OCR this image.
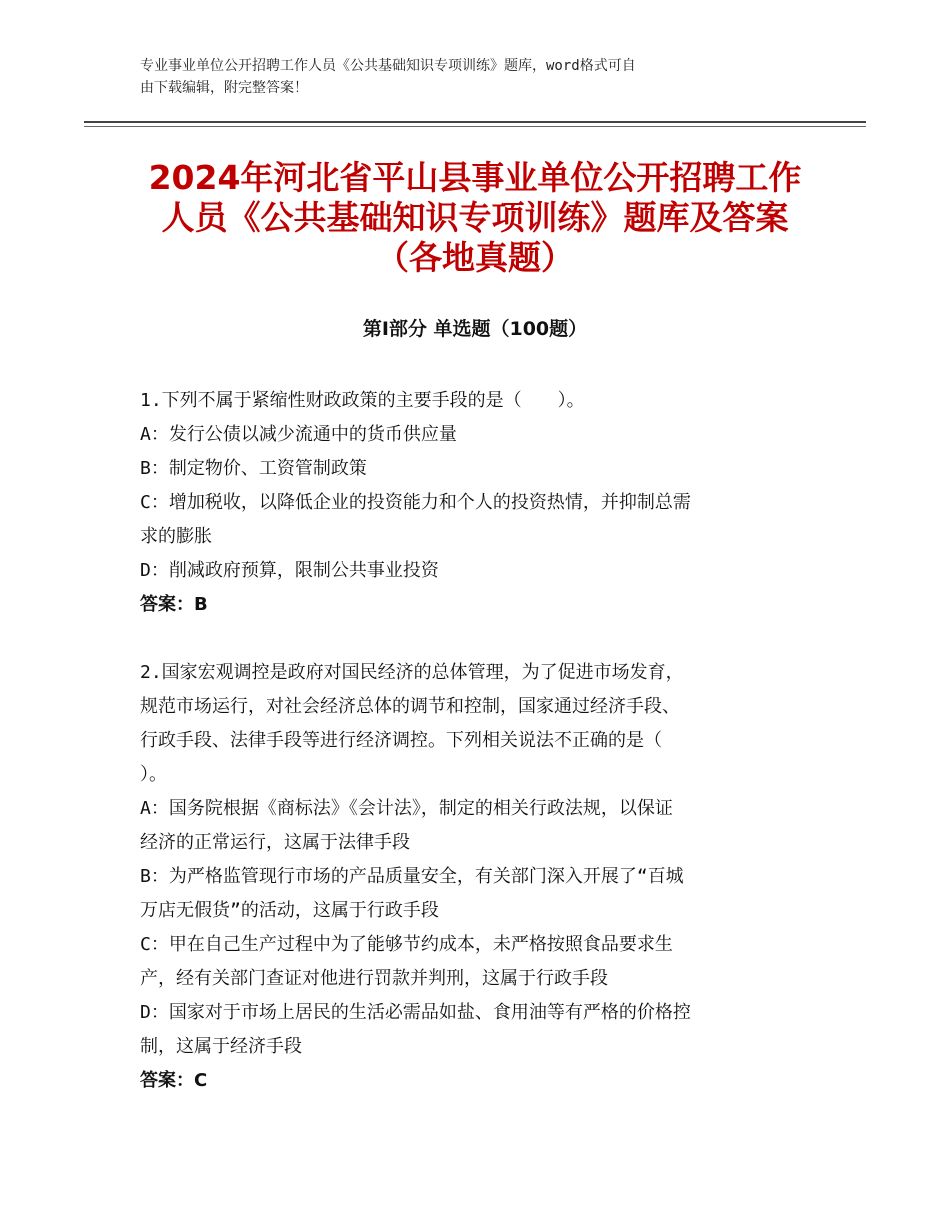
专业事业单位公开招聘工作人员《公共基础知识专项训练》题库，word格式可自
由下载编辑，附完整答案！
2024年河北省平山县事业单位公开招聘工作
人员《公共基础知识专项训练》题库及答案
（各地真题）
第Ⅰ部分 单选题（100题）
1.下列不属于紧缩性财政政策的主要手段的是（　　）。
A：发行公债以减少流通中的货币供应量
B：制定物价、工资管制政策
C：增加税收，以降低企业的投资能力和个人的投资热情，并抑制总需
求的膨胀
D：削减政府预算，限制公共事业投资
答案：B
2.国家宏观调控是政府对国民经济的总体管理，为了促进市场发育，
规范市场运行，对社会经济总体的调节和控制，国家通过经济手段、
行政手段、法律手段等进行经济调控。下列相关说法不正确的是（
）。
A：国务院根据《商标法》《会计法》，制定的相关行政法规，以保证
经济的正常运行，这属于法律手段
B：为严格监管现行市场的产品质量安全，有关部门深入开展了“百城
万店无假货”的活动，这属于行政手段
C：甲在自己生产过程中为了能够节约成本，未严格按照食品要求生
产，经有关部门查证对他进行罚款并判刑，这属于行政手段
D：国家对于市场上居民的生活必需品如盐、食用油等有严格的价格控
制，这属于经济手段
答案：C
